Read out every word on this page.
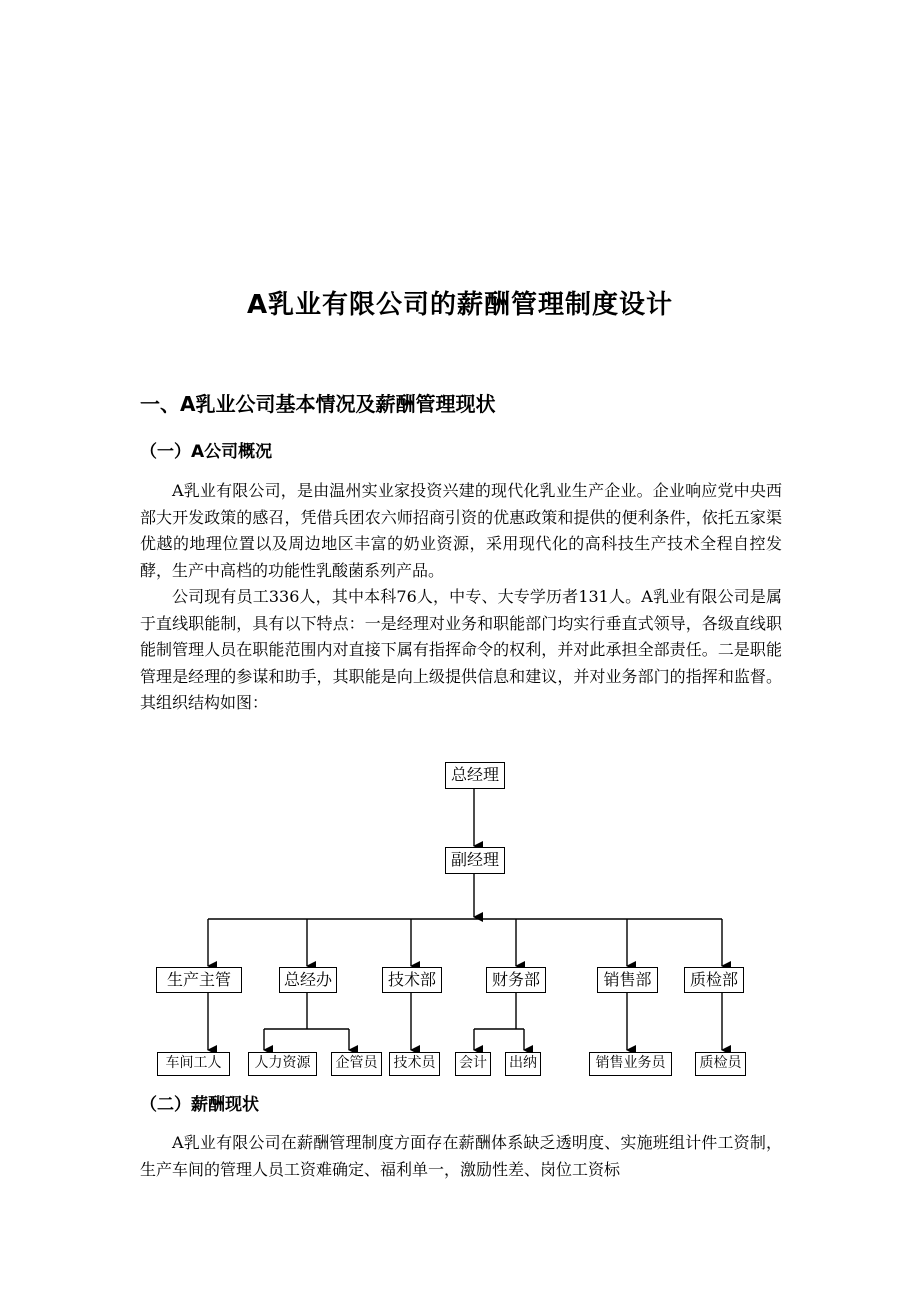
A乳业有限公司的薪酬管理制度设计
一、A乳业公司基本情况及薪酬管理现状
（一）A公司概况

A乳业有限公司，是由温州实业家投资兴建的现代化乳业生产企业。企业响应党中央西部大开发政策的感召，凭借兵团农六师招商引资的优惠政策和提供的便利条件，依托五家渠优越的地理位置以及周边地区丰富的奶业资源，采用现代化的高科技生产技术全程自控发酵，生产中高档的功能性乳酸菌系列产品。

公司现有员工336人，其中本科76人，中专、大专学历者131人。A乳业有限公司是属于直线职能制，具有以下特点：一是经理对业务和职能部门均实行垂直式领导，各级直线职能制管理人员在职能范围内对直接下属有指挥命令的权利，并对此承担全部责任。二是职能管理是经理的参谋和助手，其职能是向上级提供信息和建议，并对业务部门的指挥和监督。其组织结构如图：

总经理
副经理
生产主管	总经办	技术部	财务部	销售部	质检部
车间工人	人力资源	企管员	技术员	会计 出纳	销售业务员	质检员
（二）薪酬现状

A乳业有限公司在薪酬管理制度方面存在薪酬体系缺乏透明度、实施班组计件工资制，生产车间的管理人员工资难确定、福利单一，激励性差、岗位工资标
